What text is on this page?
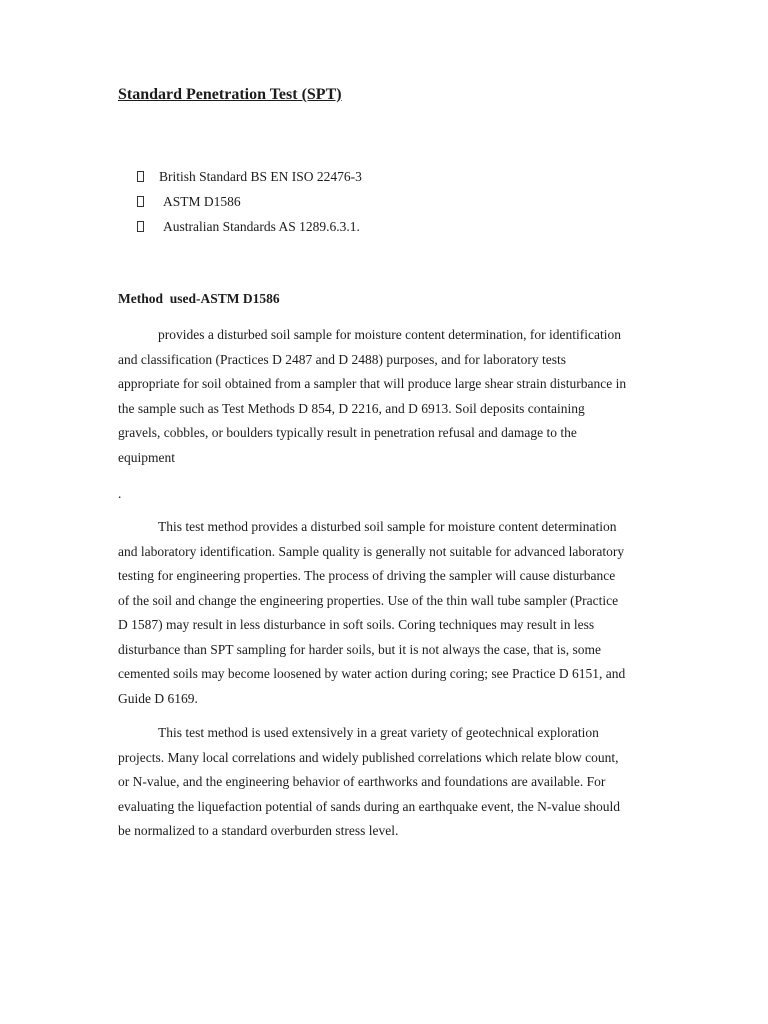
Standard Penetration Test (SPT)
British Standard BS EN ISO 22476-3
ASTM D1586
Australian Standards AS 1289.6.3.1.
Method  used-ASTM D1586
provides a disturbed soil sample for moisture content determination, for identification
and classification (Practices D 2487 and D 2488) purposes, and for laboratory tests
appropriate for soil obtained from a sampler that will produce large shear strain disturbance in
the sample such as Test Methods D 854, D 2216, and D 6913. Soil deposits containing
gravels, cobbles, or boulders typically result in penetration refusal and damage to the
equipment

.

This test method provides a disturbed soil sample for moisture content determination
and laboratory identification. Sample quality is generally not suitable for advanced laboratory
testing for engineering properties. The process of driving the sampler will cause disturbance
of the soil and change the engineering properties. Use of the thin wall tube sampler (Practice
D 1587) may result in less disturbance in soft soils. Coring techniques may result in less
disturbance than SPT sampling for harder soils, but it is not always the case, that is, some
cemented soils may become loosened by water action during coring; see Practice D 6151, and
Guide D 6169.
This test method is used extensively in a great variety of geotechnical exploration
projects. Many local correlations and widely published correlations which relate blow count,
or N-value, and the engineering behavior of earthworks and foundations are available. For
evaluating the liquefaction potential of sands during an earthquake event, the N-value should
be normalized to a standard overburden stress level.
